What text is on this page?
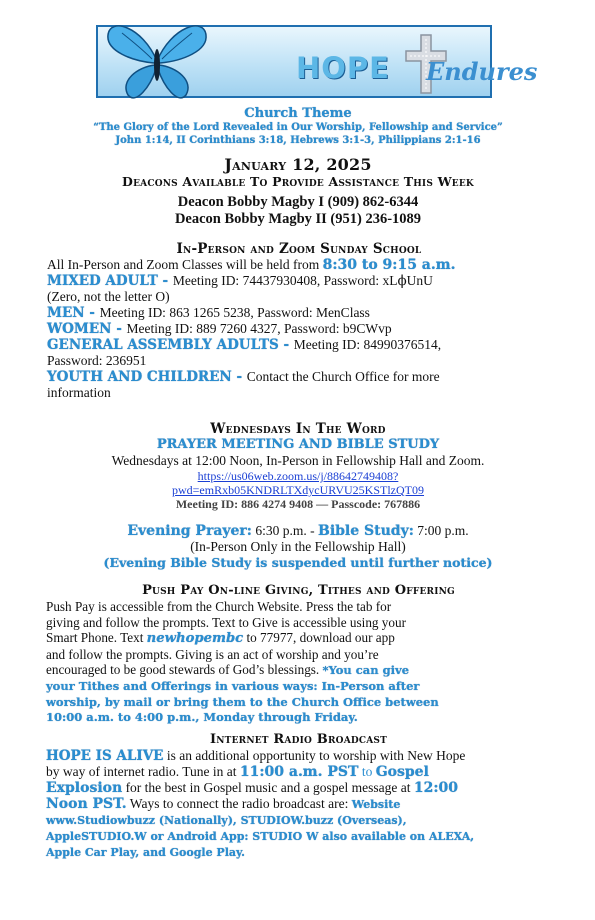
HOPE Endures
Church Theme
“The Glory of the Lord Revealed in Our Worship, Fellowship and Service”
John 1:14, II Corinthians 3:18, Hebrews 3:1-3, Philippians 2:1-16
January 12, 2025
Deacons Available To Provide Assistance This Week
Deacon Bobby Magby I (909) 862-6344
Deacon Bobby Magby II (951) 236-1089
In-Person and Zoom Sunday School
All In-Person and Zoom Classes will be held from 8:30 to 9:15 a.m.
MIXED ADULT - Meeting ID: 74437930408, Password: xLϕUnU
(Zero, not the letter O)
MEN - Meeting ID: 863 1265 5238, Password: MenClass
WOMEN - Meeting ID: 889 7260 4327, Password: b9CWvp
GENERAL ASSEMBLY ADULTS - Meeting ID: 84990376514,
Password: 236951
YOUTH AND CHILDREN - Contact the Church Office for more
information
Wednesdays In The Word
PRAYER MEETING AND BIBLE STUDY
Wednesdays at 12:00 Noon, In-Person in Fellowship Hall and Zoom.
https://us06web.zoom.us/j/88642749408?
pwd=emRxb05KNDRLTXdycURVU25KSTlzQT09
Meeting ID: 886 4274 9408 — Passcode: 767886
Evening Prayer: 6:30 p.m. - Bible Study: 7:00 p.m.
(In-Person Only in the Fellowship Hall)
(Evening Bible Study is suspended until further notice)
Push Pay On-line Giving, Tithes and Offering
Push Pay is accessible from the Church Website. Press the tab for
giving and follow the prompts. Text to Give is accessible using your
Smart Phone. Text newhopembc to 77977, download our app
and follow the prompts. Giving is an act of worship and you’re
encouraged to be good stewards of God’s blessings. *You can give
your Tithes and Offerings in various ways: In-Person after
worship, by mail or bring them to the Church Office between
10:00 a.m. to 4:00 p.m., Monday through Friday.
Internet Radio Broadcast
HOPE IS ALIVE is an additional opportunity to worship with New Hope
by way of internet radio. Tune in at 11:00 a.m. PST to Gospel
Explosion for the best in Gospel music and a gospel message at 12:00
Noon PST. Ways to connect the radio broadcast are: Website
www.Studiowbuzz (Nationally), STUDIOW.buzz (Overseas),
AppleSTUDIO.W or Android App: STUDIO W also available on ALEXA,
Apple Car Play, and Google Play.
